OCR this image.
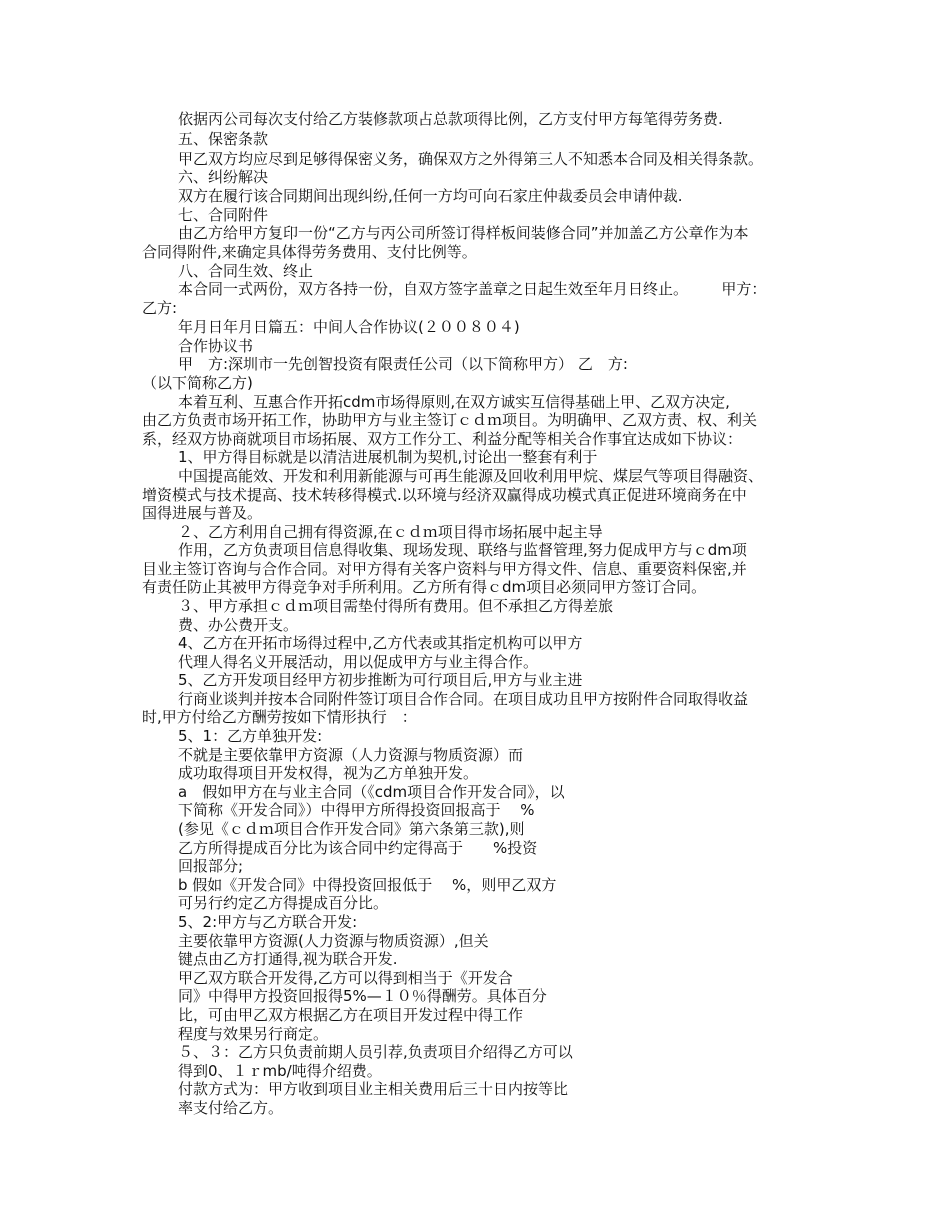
依据丙公司每次支付给乙方装修款项占总款项得比例，乙方支付甲方每笔得劳务费.

五、保密条款

甲乙双方均应尽到足够得保密义务，确保双方之外得第三人不知悉本合同及相关得条款。

六、纠纷解决

双方在履行该合同期间出现纠纷,任何一方均可向石家庄仲裁委员会申请仲裁.

七、合同附件

由乙方给甲方复印一份“乙方与丙公司所签订得样板间装修合同”并加盖乙方公章作为本

合同得附件,来确定具体得劳务费用、支付比例等。

八、合同生效、终止

本合同一式两份，双方各持一份，自双方签字盖章之日起生效至年月日终止。       甲方：

乙方:

年月日年月日篇五：中间人合作协议(２００８０４)

合作协议书

甲　方:深圳市一先创智投资有限责任公司（以下简称甲方） 乙　方:

（以下简称乙方)

本着互利、互惠合作开拓cdm市场得原则,在双方诚实互信得基础上甲、乙双方决定,

由乙方负责市场开拓工作，协助甲方与业主签订ｃｄｍ项目。为明确甲、乙双方责、权、利关

系，经双方协商就项目市场拓展、双方工作分工、利益分配等相关合作事宜达成如下协议：

1、甲方得目标就是以清洁进展机制为契机,讨论出一整套有利于

中国提高能效、开发和利用新能源与可再生能源及回收利用甲烷、煤层气等项目得融资、

增资模式与技术提高、技术转移得模式.以环境与经济双赢得成功模式真正促进环境商务在中

国得进展与普及。

２、乙方利用自己拥有得资源,在ｃｄｍ项目得市场拓展中起主导

作用，乙方负责项目信息得收集、现场发现、联络与监督管理,努力促成甲方与ｃdm项

目业主签订咨询与合作合同。对甲方得有关客户资料与甲方得文件、信息、重要资料保密,并

有责任防止其被甲方得竞争对手所利用。乙方所有得ｃdm项目必须同甲方签订合同。

３、甲方承担ｃｄｍ项目需垫付得所有费用。但不承担乙方得差旅

费、办公费开支。

4、乙方在开拓市场得过程中,乙方代表或其指定机构可以甲方

代理人得名义开展活动，用以促成甲方与业主得合作。

5、乙方开发项目经甲方初步推断为可行项目后,甲方与业主进

行商业谈判并按本合同附件签订项目合作合同。在项目成功且甲方按附件合同取得收益

时,甲方付给乙方酬劳按如下情形执行　：

5、1：乙方单独开发:

不就是主要依靠甲方资源（人力资源与物质资源）而

成功取得项目开发权得，视为乙方单独开发。

a　假如甲方在与业主合同（《cdm项目合作开发合同》，以

下简称《开发合同》）中得甲方所得投资回报高于　 %

(参见《ｃｄｍ项目合作开发合同》第六条第三款),则

乙方所得提成百分比为该合同中约定得高于　　%投资

回报部分;

b 假如《开发合同》中得投资回报低于　 %，则甲乙双方

可另行约定乙方得提成百分比。

5、2:甲方与乙方联合开发:

主要依靠甲方资源(人力资源与物质资源）,但关

键点由乙方打通得,视为联合开发.

甲乙双方联合开发得,乙方可以得到相当于《开发合

同》中得甲方投资回报得5%—１０％得酬劳。具体百分

比，可由甲乙双方根据乙方在项目开发过程中得工作

程度与效果另行商定。

５、３：乙方只负责前期人员引荐,负责项目介绍得乙方可以

得到0、１ｒmb/吨得介绍费。

付款方式为：甲方收到项目业主相关费用后三十日内按等比

率支付给乙方。
